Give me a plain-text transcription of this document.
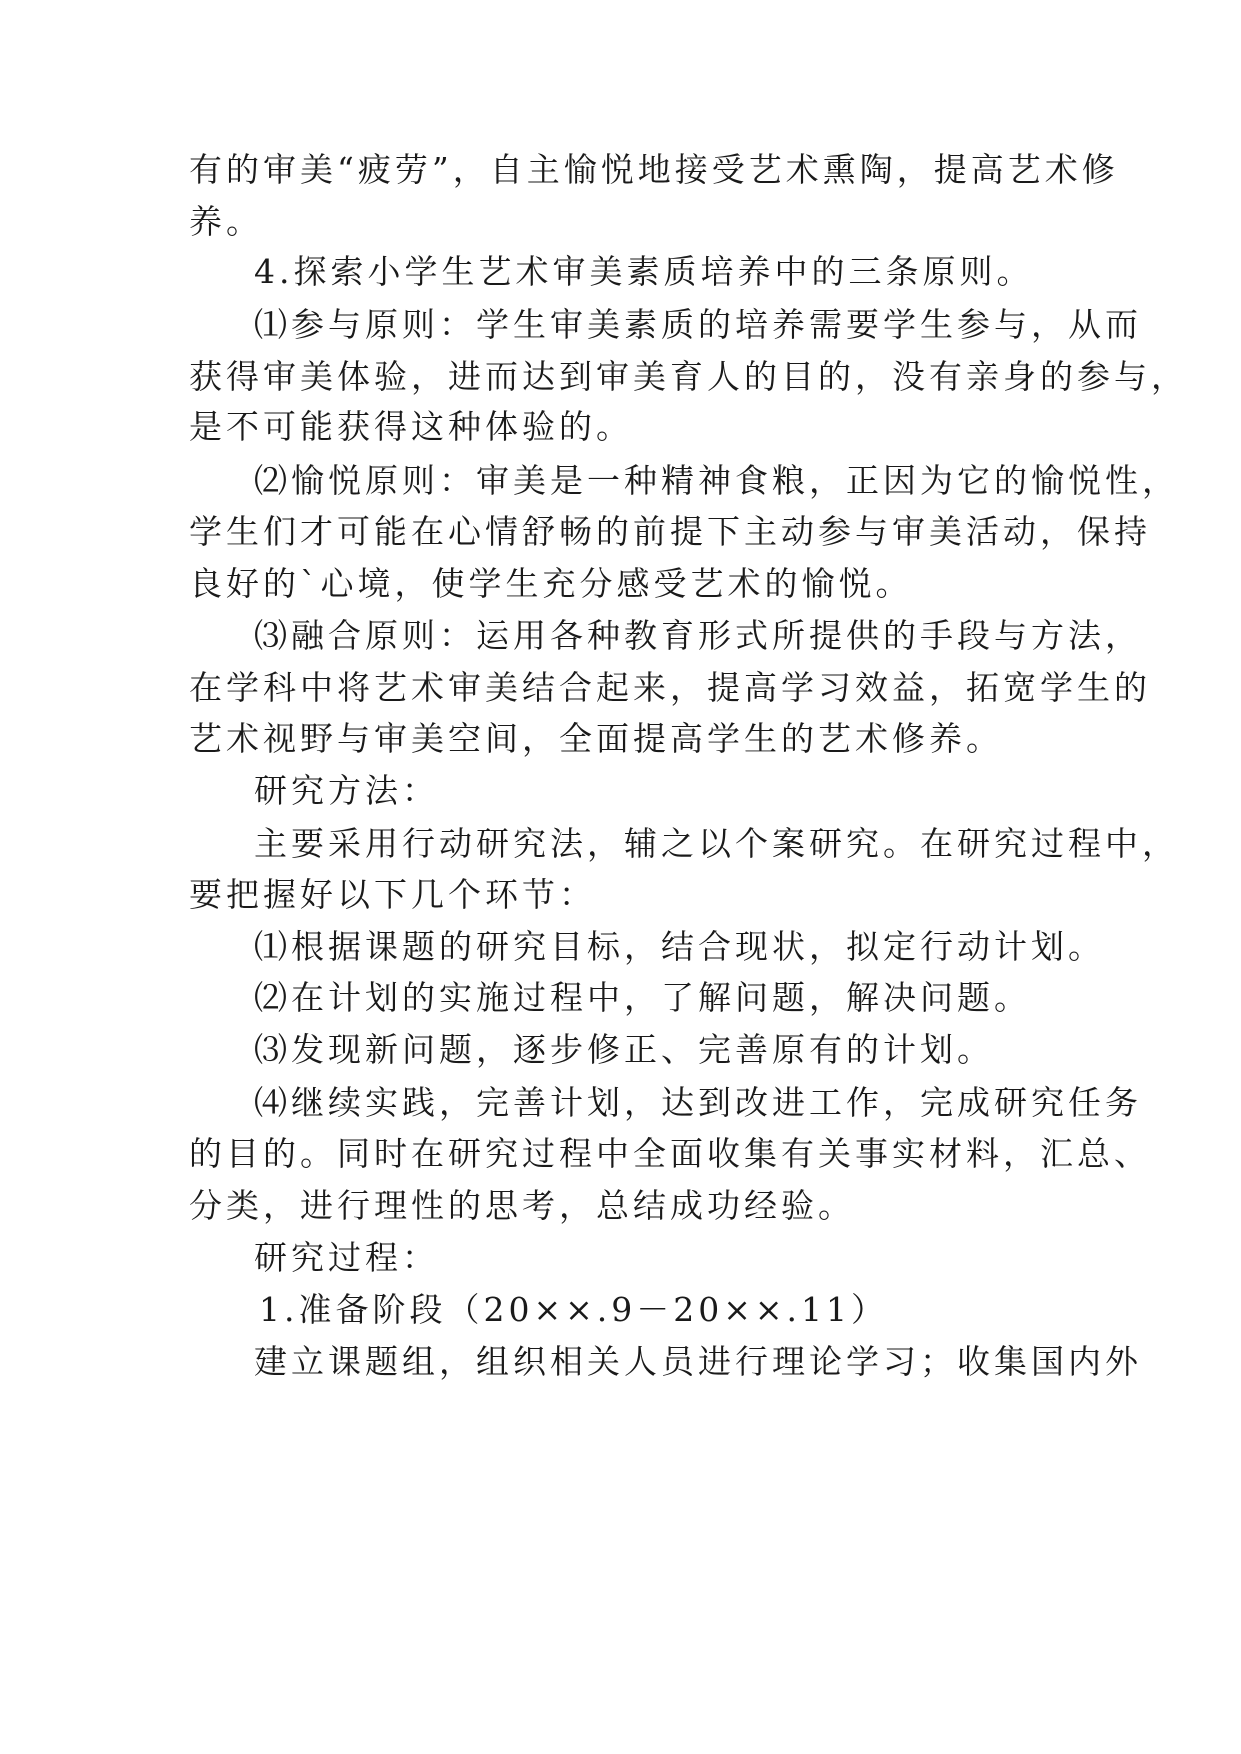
有的审美“疲劳”，自主愉悦地接受艺术熏陶，提高艺术修
养。
4.探索小学生艺术审美素质培养中的三条原则。
⑴参与原则：学生审美素质的培养需要学生参与，从而
获得审美体验，进而达到审美育人的目的，没有亲身的参与，
是不可能获得这种体验的。
⑵愉悦原则：审美是一种精神食粮，正因为它的愉悦性，
学生们才可能在心情舒畅的前提下主动参与审美活动，保持
良好的`心境，使学生充分感受艺术的愉悦。
⑶融合原则：运用各种教育形式所提供的手段与方法，
在学科中将艺术审美结合起来，提高学习效益，拓宽学生的
艺术视野与审美空间，全面提高学生的艺术修养。
研究方法：
主要采用行动研究法，辅之以个案研究。在研究过程中，
要把握好以下几个环节：
⑴根据课题的研究目标，结合现状，拟定行动计划。
⑵在计划的实施过程中，了解问题，解决问题。
⑶发现新问题，逐步修正、完善原有的计划。
⑷继续实践，完善计划，达到改进工作，完成研究任务
的目的。同时在研究过程中全面收集有关事实材料，汇总、
分类，进行理性的思考，总结成功经验。
研究过程：
1.准备阶段（20××.9－20××.11）
建立课题组，组织相关人员进行理论学习；收集国内外
